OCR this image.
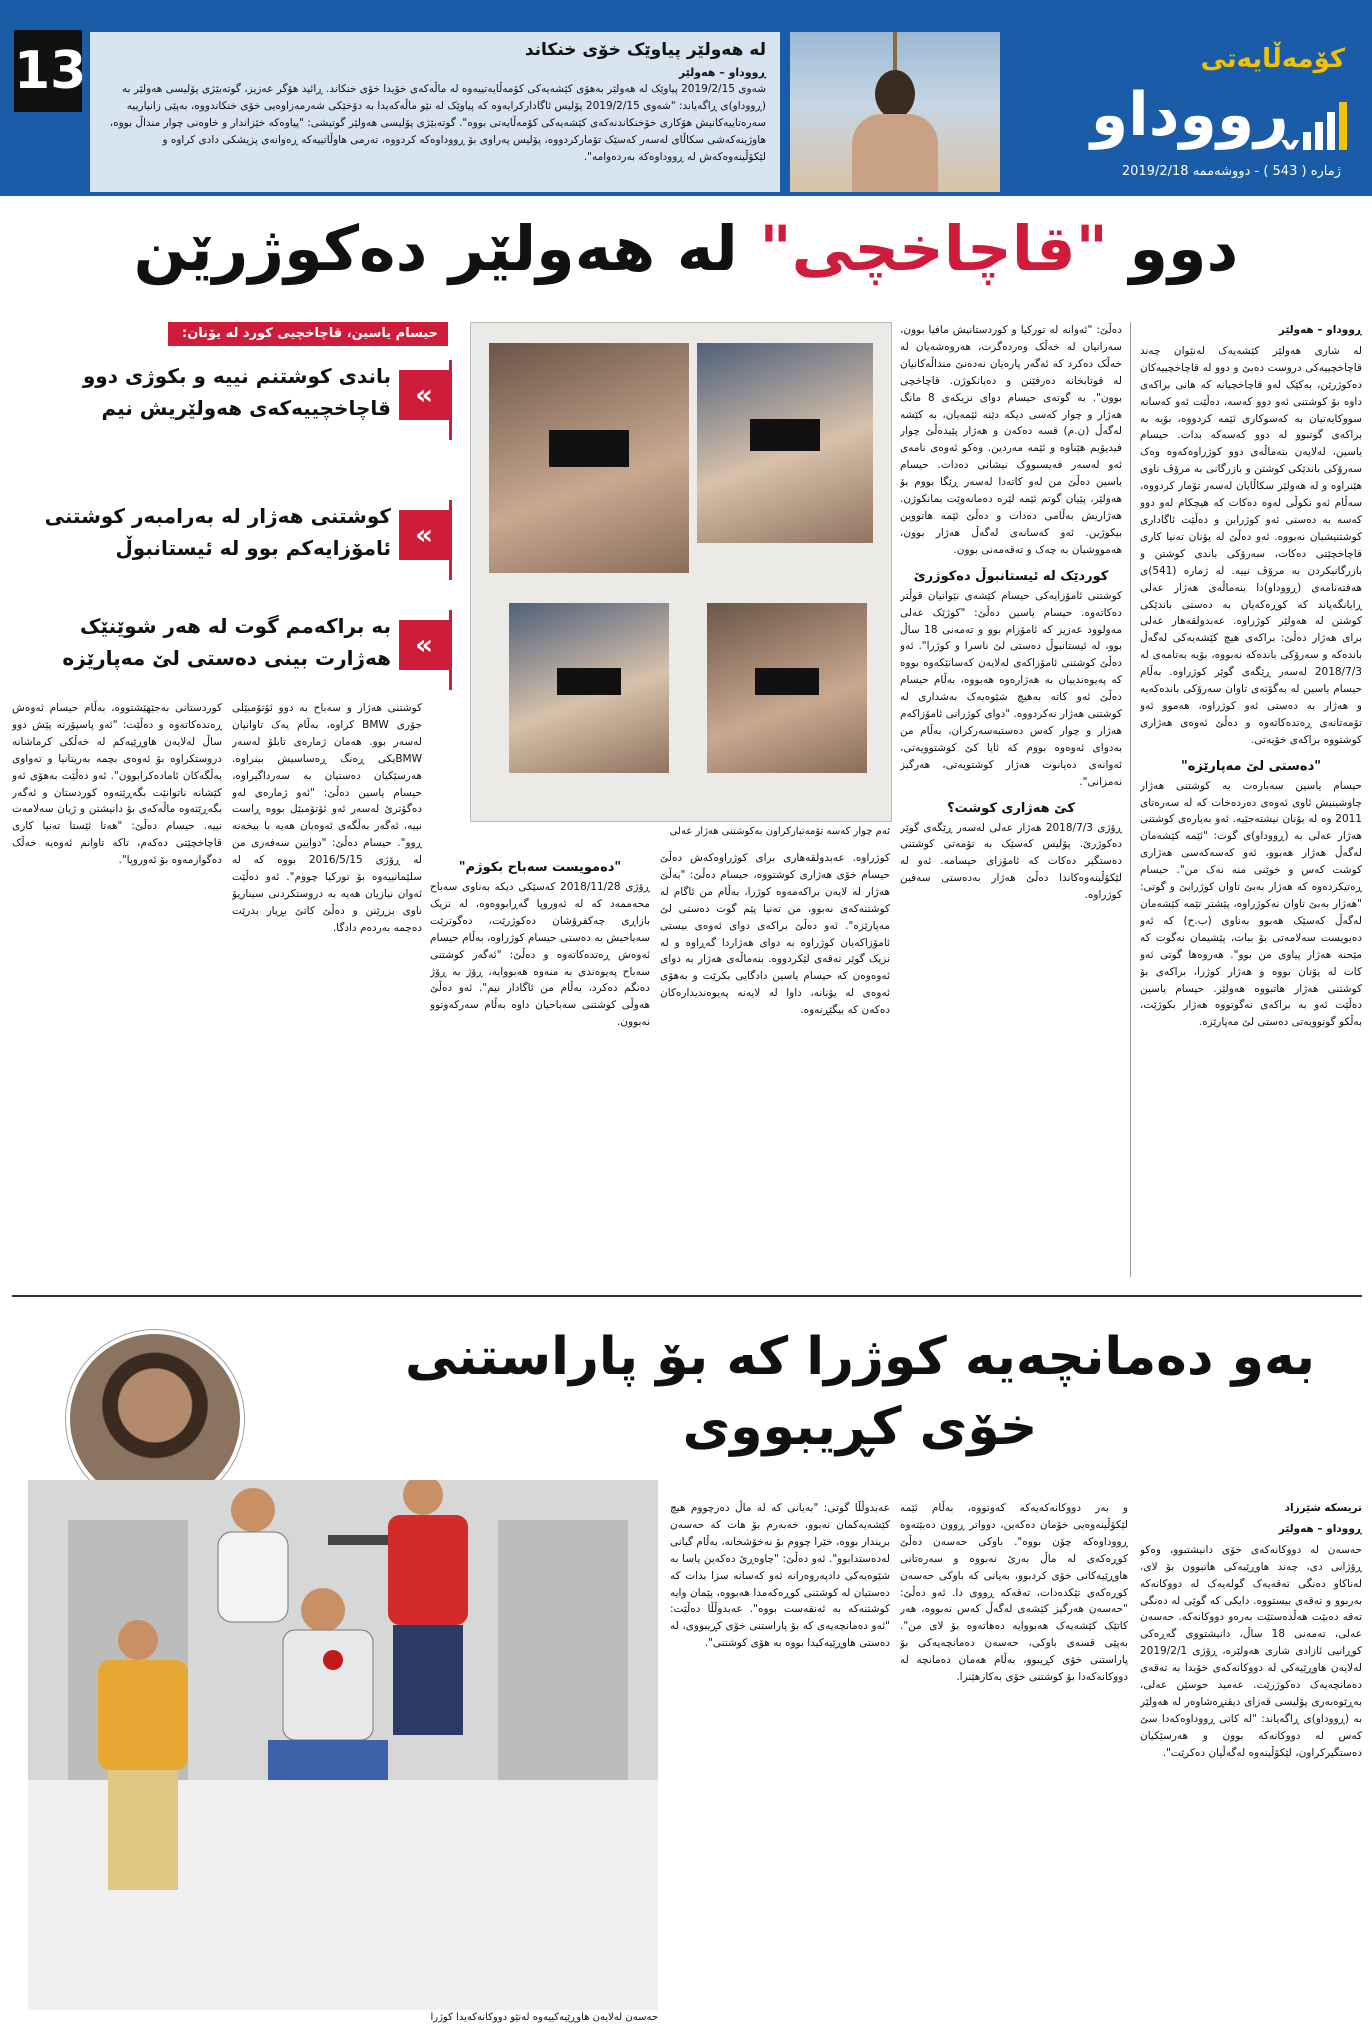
13	لە هەولێر پیاوێک خۆی خنکاند
ڕووداو – هەولێر

شەوی 2019/2/15 پیاوێک لە هەولێر بەهۆی کێشەیەکی کۆمەڵایەتییەوە لە ماڵەکەی خۆیدا خۆی خنکاند. ڕائید هۆگر عەزیز، گوتەبێژی پۆلیسی هەولێر بە (ڕووداو)ی ڕاگەیاند: "شەوی 2019/2/15 پۆلیس ئاگادارکرایەوە کە پیاوێک لە نێو ماڵەکەیدا بە دۆخێکی شەرمەزاوەیی خۆی خنکاندووە، بەپێی زانیارییە سەرەتاییەکانیش هۆکاری خۆخنکاندنەکەی کێشەیەکی کۆمەڵایەتی بووە". گوتەبێژی پۆلیسی هەولێر گوتیشی: "پیاوەکە خێزاندار و خاوەنی چوار منداڵ بووە، هاوژینەکەشی سکاڵای لەسەر کەسێک تۆمارکردووە، پۆلیس پەراوی بۆ ڕووداوەکە کردووە، تەرمی هاوڵاتییەکە ڕەوانەی پزیشکی دادی کراوە و لێکۆڵینەوەکەش لە ڕووداوەکە بەردەوامە".

کۆمەڵایەتی
ڕووداو
ژمارە ( 543 ) - دووشەممە 2019/2/18
دوو "قاچاخچی" لە هەولێر دەکوژرێن
ڕووداو – هەولێر
لە شاری هەولێر کێشەیەک لەنێوان چەند قاچاخچییەکی دروست دەبێ و دوو لە قاچاخچییەکان دەکوژرێن، بەکێک لەو قاچاخچیانە کە هانی براکەی داوە بۆ کوشتنی ئەو دوو کەسە، دەڵێت ئەو کەسانە سووکایەتیان بە کەسوکاری ئێمە کردووە، بۆیە بە براکەی گوتبوو لە دوو کەسەکە بدات. حیسام یاسین، لەلایەن بنەماڵەی دوو کوژراوەکەوە وەک سەرۆکی باندێکی کوشتن و بازرگانی بە مرۆڤ ناوی هێنراوە و لە هەولێر سکاڵایان لەسەر تۆمار کردووە، سەڵام ئەو نکوڵی لەوە دەکات کە هیچکام لەو دوو کەسە بە دەستی ئەو کوژرابن و دەڵێت ئاگاداری کوشتنیشیان نەبووە. ئەو دەڵێ لە یۆنان تەنیا کاری قاچاخچێتی دەکات، سەرۆکی باندی کوشتن و بازرگانیکردن بە مرۆڤ نییە. لە ژمارە (541)ی هەفتەنامەی (ڕووداو)دا بنەماڵەی هەژار عەلی ڕایانگەیاند کە کوڕەکەیان بە دەستی باندێکی کوشتن لە هەولێر کوژراوە. عەبدولقەهار عەلی برای هەژار دەڵێ: براکەی هیچ کێشەیەکی لەگەڵ باندەکە و سەرۆکی باندەکە نەبووە، بۆیە بەتامەی لە 2018/7/3 لەسەر ڕێگەی گوێر کوژراوە. بەڵام حیسام یاسین لە بەگۆتەی تاوان سەرۆکی باندەکەیە و هەژار بە دەستی ئەو کوژراوە، هەموو ئەو تۆمەتانەی ڕەتدەکاتەوە و دەڵێ ئەوەی هەژاری کوشتووە براکەی خۆیەتی.
"دەستی لێ مەپارێزە"
حیسام یاسین سەبارەت بە کوشتنی هەژار چاوشینیش ئاوی ئەوەی دەردەخات کە لە سەرەتای 2011 وە لە یۆنان نیشتەجێیە. ئەو بەیارەی کوشتنی هەژار عەلی بە (ڕووداو)ی گوت: "ئێمە کێشەمان لەگەڵ هەژار هەبوو، ئەو کەسەکەسی هەژاری کوشت کەس و خوێنی منە نەک من". حیسام ڕەتیکردەوە کە هەژار بەبێ تاوان کوژرابێ و گوتی: "هەژار بەبێ تاوان نەکوژراوە، پێشتر تێمە کێشەمان لەگەڵ کەسێک هەبوو بەناوی (ب.ح) کە ئەو دەیویست سەلامەتی بۆ ببات، پێشیمان نەگوت کە مێحنە هەژار پیاوی من بوو". هەروەها گوتی ئەو کات لە یۆنان بووە و هەژار کوژرا، براکەی بۆ کوشتنی هەژار هاتبووە هەولێر. حیسام یاسین دەڵێت ئەو بە براکەی نەگوتووە هەژار بکوژێت، بەڵکو گوتوویەتی دەستی لێ مەپارێزە.
دەڵێ: "ئەوانە لە تورکیا و کوردستانیش مافیا بوون، سەرانیان لە خەڵک وەردەگرت، هەروەشەیان لە خەڵک دەکرد کە ئەگەر پارەیان نەدەنێ منداڵەکانیان لە قوتابخانە دەرفێنن و دەیانکوژن. قاچاخچی بوون". بە گوتەی حیسام دوای نزیکەی 8 مانگ هەژار و چوار کەسی دیکە دێنە ئێمەیان، بە کێشە لەگەڵ (ن.م) قسە دەکەن و هەژار پێیدەڵێ چوار فیدیۆیم هێناوە و ئێمە مەردین. وەکو ئەوەی نامەی ئەو لەسەر فەیسبووک نیشانی دەدات. حیسام یاسین دەڵێ من لەو کاتەدا لەسەر ڕێگا بووم بۆ هەولێر، پێیان گوتم ئێمە لێرە دەمانەوێت بمانکوژن. هەژاریش بەڵامی دەدات و دەڵێ ئێمە هاتووین بیکوژین. ئەو کەسانەی لەگەڵ هەژار بوون، هەمووشیان بە چەک و تەقەمەنی بوون.
کوردێک لە ئیستانبوڵ دەکوژرێ
کوشتنی ئامۆزایەکی حیسام کێشەی نێوانیان قوڵتر دەکاتەوە. حیسام یاسین دەڵێ: "کوژێک عەلی مەولوود عەزیز کە ئامۆزام بوو و تەمەنی 18 ساڵ بوو، لە ئیستانبوڵ دەستی لێ ناسرا و کوژرا". ئەو دەڵێ کوشتنی ئامۆزاکەی لەلایەن کەسانێکەوە بووە کە پەیوەندییان بە هەژارەوە هەبووە، بەڵام حیسام دەڵێ ئەو کاتە بەهیچ شێوەیەک بەشداری لە کوشتنی هەژار نەکردووە. "دوای کوژرانی ئامۆزاکەم هەژار و چوار کەس دەستبەسەرکران، بەڵام من بەدوای ئەوەوە بووم کە ئایا کێ کوشتوویەتی، ئەوانەی دەیانوت هەژار کوشتویەتی، هەرگیز نەمزانی".
کێ هەژاری کوشت؟
ڕۆژی 2018/7/3 هەژار عەلی لەسەر ڕێگەی گوێر دەکوژرێ. پۆلیس کەسێک بە تۆمەتی کوشتنی دەستگیر دەکات کە ئامۆزای حیسامە. ئەو لە لێکۆڵینەوەکاندا دەڵێ هەژار بەدەستی سەفین کوژراوە.
ئەم چوار کەسە تۆمەتبارکراون بەکوشتنی هەژار عەلی
کوژراوە. عەبدولقەهاری برای کوژراوەکەش دەڵێ حیسام خۆی هەژاری کوشتووە، حیسام دەڵێ: "بەڵێ هەژار لە لایەن براکەمەوە کوژرا، بەڵام من ئاگام لە کوشتنەکەی نەبوو، من تەنیا پێم گوت دەستی لێ مەپارێزە". ئەو دەڵێ براکەی دوای ئەوەی بیستی ئامۆزاکەیان کوژراوە بە دوای هەژاردا گەڕاوە و لە نزیک گوێر تەقەی لێکردووە. بنەماڵەی هەژار بە دوای ئەوەوەن کە حیسام یاسین دادگایی بکرێت و بەهۆی ئەوەی لە یۆنانە، داوا لە لایەنە پەیوەندیدارەکان دەکەن کە بیگێڕنەوە.
"دەمویست سەباح بکوژم"
ڕۆژی 2018/11/28 کەسێکی دیکە بەناوی سەباح محەممەد کە لە ئەوروپا گەڕابووەوە، لە نزیک بازاڕی چەکفرۆشان دەکوژرێت، دەگوترێت سەباحیش بە دەستی حیسام کوژراوە، بەڵام حیسام ئەوەش ڕەتدەکاتەوە و دەڵێ: "ئەگەر کوشتنی سەباح پەیوەندی بە منەوە هەبووایە، ڕۆژ بە ڕۆژ دەنگم دەکرد، بەڵام من ئاگادار نیم". ئەو دەڵێ هەوڵی کوشتنی سەباحیان داوە بەڵام سەرکەوتوو نەبوون.
حیسام یاسین، قاچاخچیی کورد لە یۆنان:
»
باندی کوشتنم نییە و بکوژی دوو قاچاخچییەکەی هەولێریش نیم
»
کوشتنی هەژار لە بەرامبەر کوشتنی ئامۆزایەکم بوو لە ئیستانبوڵ
»
بە براکەمم گوت لە هەر شوێنێک هەژارت بینی دەستی لێ مەپارێزە
کوشتنی هەژار و سەباح بە دوو ئۆتۆمبێلی جۆری BMW کراوە، بەڵام یەک تاوانیان لەسەر بوو. هەمان ژمارەی تابلۆ لەسەر BMWیکی ڕەنگ ڕەساسیش بینراوە. هەرسێکیان دەستیان بە سەرداگیراوە، حیسام یاسین دەڵێ: "ئەو ژمارەی لەو دەگۆترێ لەسەر ئەو ئۆتۆمبێل بووە ڕاست نییە، ئەگەر بەڵگەی ئەوەیان هەیە با بیخەنە ڕوو". حیسام دەڵێ: "دوایین سەفەری من لە ڕۆژی 2016/5/15 بووە کە لە سلێمانییەوە بۆ تورکیا چووم". ئەو دەڵێت ئەوان نیازیان هەیە بە دروستکردنی سیناریۆ ناوی بزڕێنن و دەڵێ کاتێ بڕیار بدرێت دەچمە بەردەم دادگا.
کوردستانی بەجێهێشتووە، بەڵام حیسام ئەوەش ڕەتدەکاتەوە و دەڵێت: "ئەو پاسپۆرتە پێش دوو ساڵ لەلایەن هاوڕێیەکم لە خەڵکی کرماشانە دروستکراوە بۆ ئەوەی بچمە بەریتانیا و تەواوی بەڵگەکان ئامادەکرابوون". ئەو دەڵێت بەهۆی ئەو کێشانە ناتوانێت بگەڕێتەوە کوردستان و ئەگەر بگەڕێتەوە ماڵەکەی بۆ دانیشتن و ژیان سەلامەت نییە. حیسام دەڵێ: "هەتا ئێستا تەنیا کاری قاچاخچێتی دەکەم، تاکە تاوانم ئەوەیە خەڵک دەگوازمەوە بۆ ئەوروپا".
بەو دەمانچەیە کوژرا کە بۆ پاراستنی
خۆی کڕیبووی
حەسەن لەلایەن هاوڕێیەکییەوە لەنێو دووکانەکەیدا کوژرا
تریسکە شێرزاد
ڕووداو – هەولێر
حەسەن لە دووکانەکەی خۆی دانیشتبوو، وەکو ڕۆژانی دی، چەند هاوڕێیەکی هاتبوون بۆ لای، لەناکاو دەنگی تەقەیەک گولەیەک لە دووکانەکە بەربوو و تەقەی بیستووە. دایکی کە گوێی لە دەنگی تەقە دەبێت هەڵدەستێت بەرەو دووکانەکە. حەسەن عەلی، تەمەنی 18 ساڵ، دانیشتووی گەڕەکی کوڕانیی ئازادی شاری هەولێرە، ڕۆژی 2019/2/1 لەلایەن هاوڕێیەکی لە دووکانەکەی خۆیدا بە تەقەی دەمانچەیەک دەکوژرێت. عەمید حوسێن عەلی، بەڕێوەبەری پۆلیسی قەزای دیڤنڕەشاوەر لە هەولێر بە (ڕووداو)ی ڕاگەیاند: "لە کاتی ڕووداوەکەدا سێ کەس لە دووکانەکە بوون و هەرسێکیان دەستگیرکراون، لێکۆڵینەوە لەگەڵیان دەکرێت".
و بەر دووکانەکەیەکە کەوتووە، بەڵام ئێمە لێکۆڵینەوەیی خۆمان دەکەین، دوواتر ڕوون دەبێتەوە ڕووداوەکە چۆن بووە". باوکی حەسەن دەڵێ کوڕەکەی لە ماڵ بەرێ نەبووە و سەرەتانی هاوڕێیەکانی خۆی کردبوو، بەیانی کە باوکی حەسەن کوڕەکەی تێکدەدات، تەقەکە ڕووی دا. ئەو دەڵێ: "حەسەن هەرگیز کێشەی لەگەڵ کەس نەبووە، هەر کاتێک کێشەیەک هەبووایە دەهاتەوە بۆ لای من". بەپێی قسەی باوکی، حەسەن دەمانچەیەکی بۆ پاراستنی خۆی کڕیبوو، بەڵام هەمان دەمانچە لە دووکانەکەدا بۆ کوشتنی خۆی بەکارهێنرا.
عەبدوڵڵا گوتی: "بەیانی کە لە ماڵ دەرچووم هیچ کێشەیەکمان نەبوو، خەبەرم بۆ هات کە حەسەن بریندار بووە، خێرا چووم بۆ نەخۆشخانە، بەڵام گیانی لەدەستدابوو". ئەو دەڵێ: "چاوەڕێ دەکەین یاسا بە شێوەیەکی دادپەروەرانە ئەو کەسانە سزا بدات کە دەستیان لە کوشتنی کوڕەکەمدا هەبووە، پێمان وایە کوشتنەکە بە ئەنقەست بووە". عەبدوڵڵا دەڵێت: "ئەو دەمانچەیەی کە بۆ پاراستنی خۆی کڕیبووی، لە دەستی هاوڕێیەکیدا بووە بە هۆی کوشتنی".
